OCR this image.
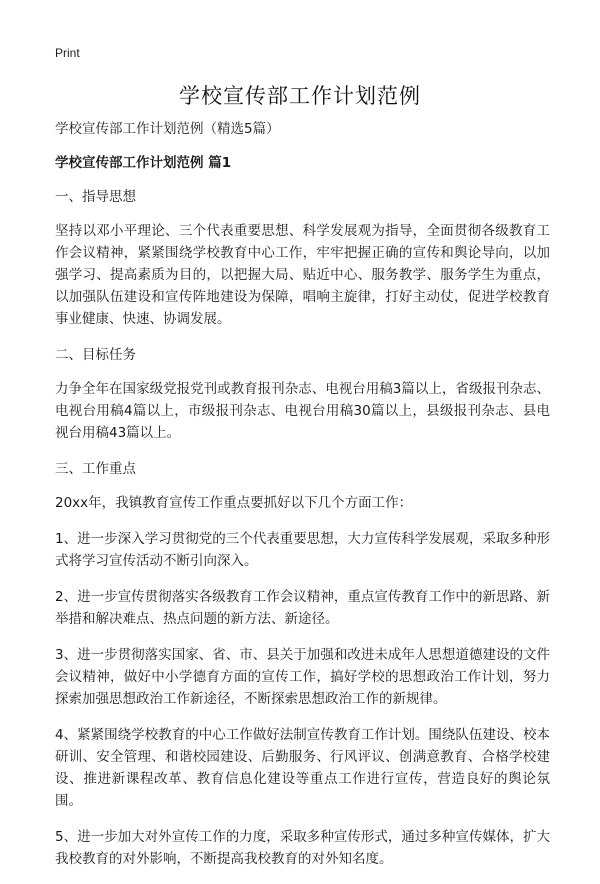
Print
学校宣传部工作计划范例

学校宣传部工作计划范例（精选5篇）

学校宣传部工作计划范例 篇1

一、指导思想

坚持以邓小平理论、三个代表重要思想、科学发展观为指导，全面贯彻各级教育工作会议精神，紧紧围绕学校教育中心工作，牢牢把握正确的宣传和舆论导向，以加强学习、提高素质为目的，以把握大局、贴近中心、服务教学、服务学生为重点，以加强队伍建设和宣传阵地建设为保障，唱响主旋律，打好主动仗，促进学校教育事业健康、快速、协调发展。

二、目标任务

力争全年在国家级党报党刊或教育报刊杂志、电视台用稿3篇以上，省级报刊杂志、电视台用稿4篇以上，市级报刊杂志、电视台用稿30篇以上，县级报刊杂志、县电视台用稿43篇以上。

三、工作重点

20xx年，我镇教育宣传工作重点要抓好以下几个方面工作：

1、进一步深入学习贯彻党的三个代表重要思想，大力宣传科学发展观，采取多种形式将学习宣传活动不断引向深入。

2、进一步宣传贯彻落实各级教育工作会议精神，重点宣传教育工作中的新思路、新举措和解决难点、热点问题的新方法、新途径。

3、进一步贯彻落实国家、省、市、县关于加强和改进未成年人思想道德建设的文件会议精神，做好中小学德育方面的宣传工作，搞好学校的思想政治工作计划，努力探索加强思想政治工作新途径，不断探索思想政治工作的新规律。

4、紧紧围绕学校教育的中心工作做好法制宣传教育工作计划。围绕队伍建设、校本研训、安全管理、和谐校园建设、后勤服务、行风评议、创满意教育、合格学校建设、推进新课程改革、教育信息化建设等重点工作进行宣传，营造良好的舆论氛围。

5、进一步加大对外宣传工作的力度，采取多种宣传形式，通过多种宣传媒体，扩大我校教育的对外影响，不断提高我校教育的对外知名度。
